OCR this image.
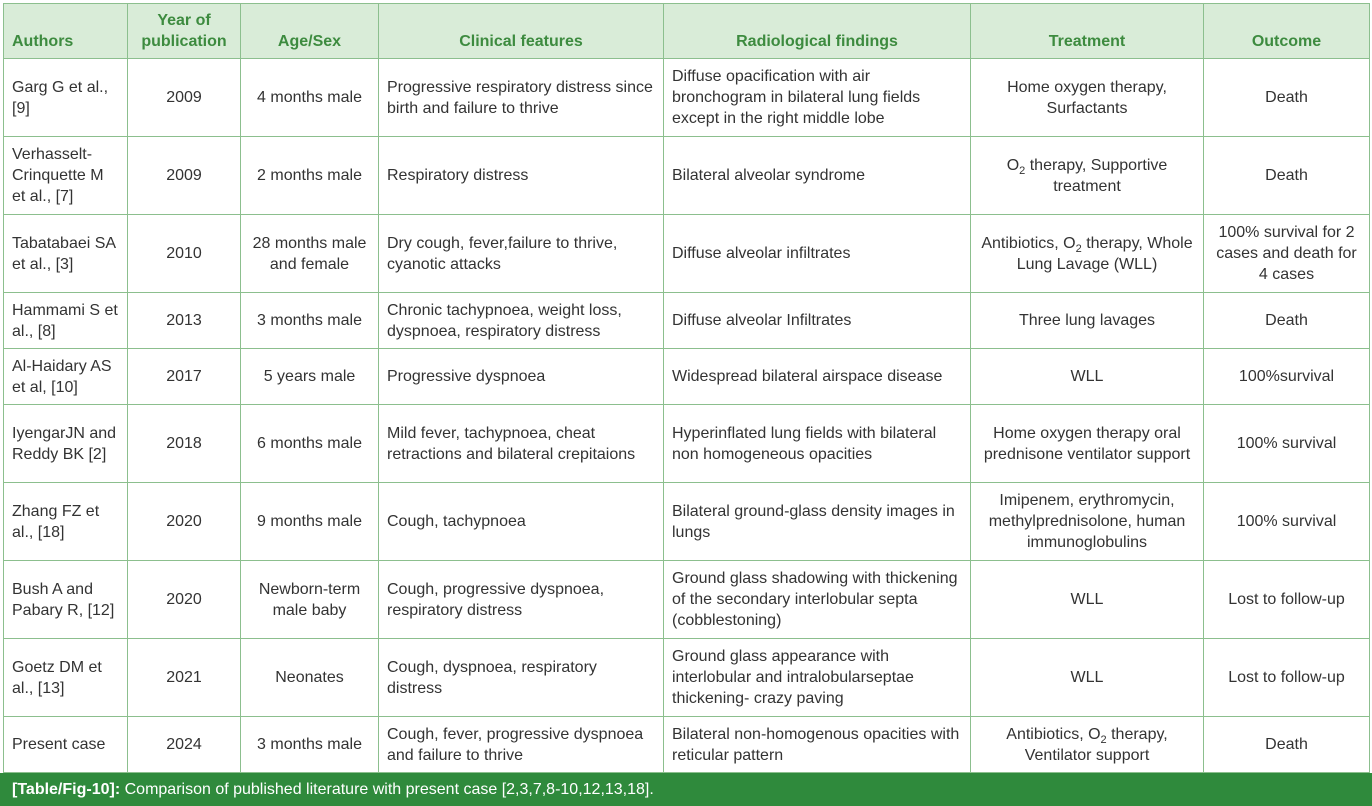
Authors	Year of publication	Age/Sex	Clinical features	Radiological findings	Treatment	Outcome
Garg G et al., [9]	2009	4 months male	Progressive respiratory distress since birth and failure to thrive	Diffuse opacification with air bronchogram in bilateral lung fields except in the right middle lobe	Home oxygen therapy, Surfactants	Death
Verhasselt-Crinquette M et al., [7]	2009	2 months male	Respiratory distress	Bilateral alveolar syndrome	$O_2$ therapy, Supportive treatment	Death
Tabatabaei SA et al., [3]	2010	28 months male and female	Dry cough, fever,failure to thrive, cyanotic attacks	Diffuse alveolar infiltrates	Antibiotics, $O_2$ therapy, Whole Lung Lavage (WLL)	100% survival for 2 cases and death for 4 cases
Hammami S et al., [8]	2013	3 months male	Chronic tachypnoea, weight loss, dyspnoea, respiratory distress	Diffuse alveolar Infiltrates	Three lung lavages	Death
Al-Haidary AS et al, [10]	2017	5 years male	Progressive dyspnoea	Widespread bilateral airspace disease	WLL	100%survival
IyengarJN and Reddy BK [2]	2018	6 months male	Mild fever, tachypnoea, cheat retractions and bilateral crepitaions	Hyperinflated lung fields with bilateral non homogeneous opacities	Home oxygen therapy oral prednisone ventilator support	100% survival
Zhang FZ et al., [18]	2020	9 months male	Cough, tachypnoea	Bilateral ground-glass density images in lungs	Imipenem, erythromycin, methylprednisolone, human immunoglobulins	100% survival
Bush A and Pabary R, [12]	2020	Newborn-term male baby	Cough, progressive dyspnoea, respiratory distress	Ground glass shadowing with thickening of the secondary interlobular septa (cobblestoning)	WLL	Lost to follow-up
Goetz DM et al., [13]	2021	Neonates	Cough, dyspnoea, respiratory distress	Ground glass appearance with interlobular and intralobularseptae thickening- crazy paving	WLL	Lost to follow-up
Present case	2024	3 months male	Cough, fever, progressive dyspnoea and failure to thrive	Bilateral non-homogenous opacities with reticular pattern	Antibiotics, $O_2$ therapy, Ventilator support	Death
[Table/Fig-10]: Comparison of published literature with present case [2,3,7,8-10,12,13,18].
